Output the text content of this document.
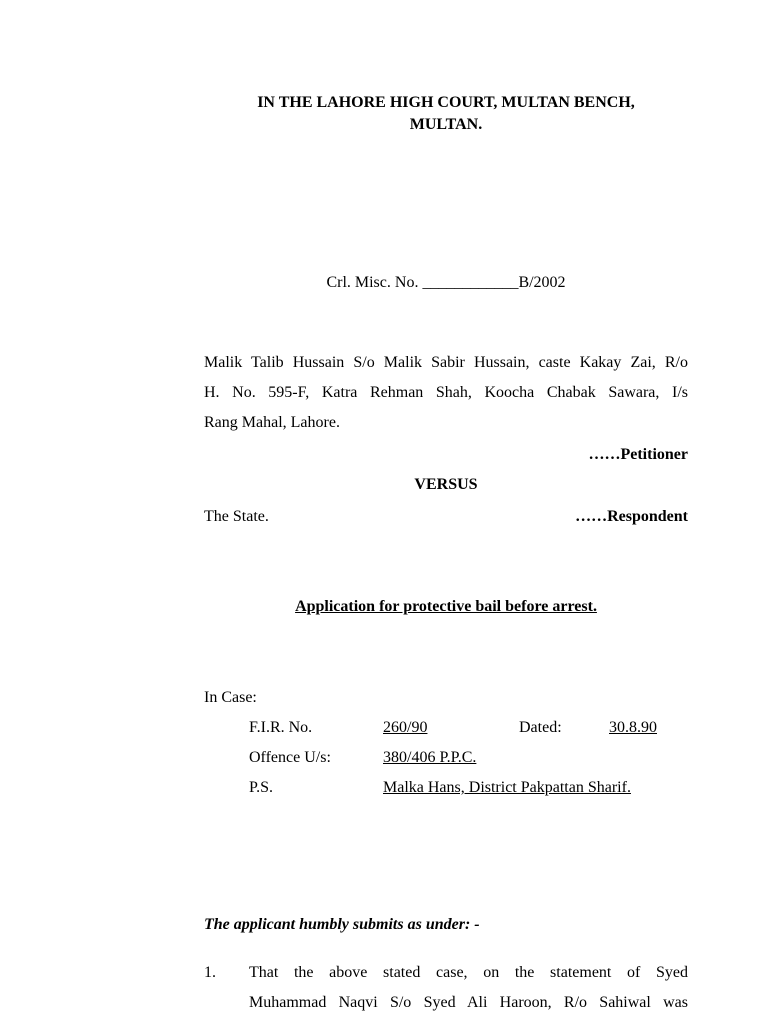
IN THE LAHORE HIGH COURT, MULTAN BENCH,
MULTAN.
Crl. Misc. No. ____________B/2002
Malik Talib Hussain S/o Malik Sabir Hussain, caste Kakay Zai, R/o
H. No. 595-F, Katra Rehman Shah, Koocha Chabak Sawara, I/s
Rang Mahal, Lahore.
……Petitioner
VERSUS
The State.	……Respondent
Application for protective bail before arrest.
In Case:
F.I.R. No.	260/90	Dated:	30.8.90
Offence U/s:	380/406 P.P.C.
P.S.	Malka Hans, District Pakpattan Sharif.
The applicant humbly submits as under: -
1. That the above stated case, on the statement of Syed
Muhammad Naqvi S/o Syed Ali Haroon, R/o Sahiwal was
